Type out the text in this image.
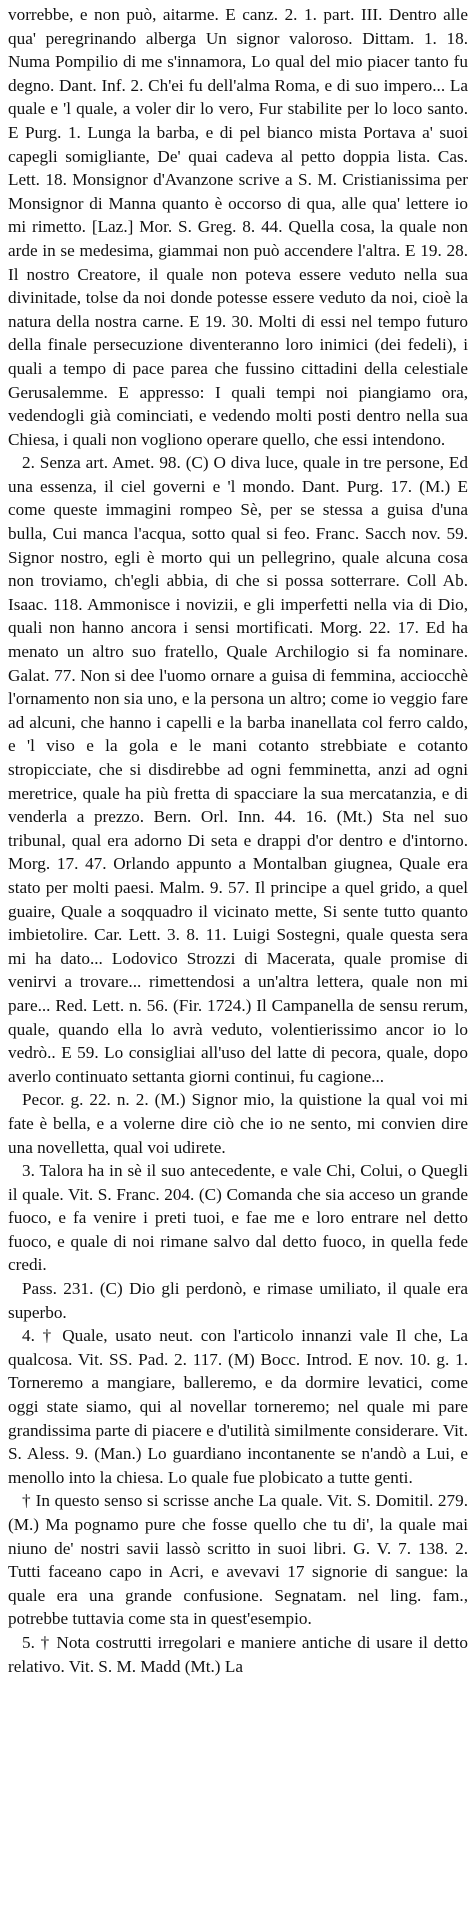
vorrebbe, e non può, aitarme. E canz. 2. 1. part. III. Dentro alle qua' peregrinando alberga Un signor valoroso. Dittam. 1. 18. Numa Pompilio di me s'innamora, Lo qual del mio piacer tanto fu degno. Dant. Inf. 2. Ch'ei fu dell'alma Roma, e di suo impero... La quale e 'l quale, a voler dir lo vero, Fur stabilite per lo loco santo. E Purg. 1. Lunga la barba, e di pel bianco mista Portava a' suoi capegli somigliante, De' quai cadeva al petto doppia lista. Cas. Lett. 18. Monsignor d'Avanzone scrive a S. M. Cristianissima per Monsignor di Manna quanto è occorso di qua, alle qua' lettere io mi rimetto. [Laz.] Mor. S. Greg. 8. 44. Quella cosa, la quale non arde in se medesima, giammai non può accendere l'altra. E 19. 28. Il nostro Creatore, il quale non poteva essere veduto nella sua divinitade, tolse da noi donde potesse essere veduto da noi, cioè la natura della nostra carne. E 19. 30. Molti di essi nel tempo futuro della finale persecuzione diventeranno loro inimici (dei fedeli), i quali a tempo di pace parea che fussino cittadini della celestiale Gerusalemme. E appresso: I quali tempi noi piangiamo ora, vedendogli già cominciati, e vedendo molti posti dentro nella sua Chiesa, i quali non vogliono operare quello, che essi intendono.

2. Senza art. Amet. 98. (C) O diva luce, quale in tre persone, Ed una essenza, il ciel governi e 'l mondo. Dant. Purg. 17. (M.) E come queste immagini rompeo Sè, per se stessa a guisa d'una bulla, Cui manca l'acqua, sotto qual si feo. Franc. Sacch nov. 59. Signor nostro, egli è morto qui un pellegrino, quale alcuna cosa non troviamo, ch'egli abbia, di che si possa sotterrare. Coll Ab. Isaac. 118. Ammonisce i novizii, e gli imperfetti nella via di Dio, quali non hanno ancora i sensi mortificati. Morg. 22. 17. Ed ha menato un altro suo fratello, Quale Archilogio si fa nominare. Galat. 77. Non si dee l'uomo ornare a guisa di femmina, acciocchè l'ornamento non sia uno, e la persona un altro; come io veggio fare ad alcuni, che hanno i capelli e la barba inanellata col ferro caldo, e 'l viso e la gola e le mani cotanto strebbiate e cotanto stropicciate, che si disdirebbe ad ogni femminetta, anzi ad ogni meretrice, quale ha più fretta di spacciare la sua mercatanzia, e di venderla a prezzo. Bern. Orl. Inn. 44. 16. (Mt.) Sta nel suo tribunal, qual era adorno Di seta e drappi d'or dentro e d'intorno. Morg. 17. 47. Orlando appunto a Montalban giugnea, Quale era stato per molti paesi. Malm. 9. 57. Il principe a quel grido, a quel guaire, Quale a soqquadro il vicinato mette, Si sente tutto quanto imbietolire. Car. Lett. 3. 8. 11. Luigi Sostegni, quale questa sera mi ha dato... Lodovico Strozzi di Macerata, quale promise di venirvi a trovare... rimettendosi a un'altra lettera, quale non mi pare... Red. Lett. n. 56. (Fir. 1724.) Il Campanella de sensu rerum, quale, quando ella lo avrà veduto, volentierissimo ancor io lo vedrò.. E 59. Lo consigliai all'uso del latte di pecora, quale, dopo averlo continuato settanta giorni continui, fu cagione...

Pecor. g. 22. n. 2. (M.) Signor mio, la quistione la qual voi mi fate è bella, e a volerne dire ciò che io ne sento, mi convien dire una novelletta, qual voi udirete.

3. Talora ha in sè il suo antecedente, e vale Chi, Colui, o Quegli il quale. Vit. S. Franc. 204. (C) Comanda che sia acceso un grande fuoco, e fa venire i preti tuoi, e fae me e loro entrare nel detto fuoco, e quale di noi rimane salvo dal detto fuoco, in quella fede credi.

Pass. 231. (C) Dio gli perdonò, e rimase umiliato, il quale era superbo.

4. † Quale, usato neut. con l'articolo innanzi vale Il che, La qualcosa. Vit. SS. Pad. 2. 117. (M) Bocc. Introd. E nov. 10. g. 1. Torneremo a mangiare, balleremo, e da dormire levatici, come oggi state siamo, qui al novellar torneremo; nel quale mi pare grandissima parte di piacere e d'utilità similmente considerare. Vit. S. Aless. 9. (Man.) Lo guardiano incontanente se n'andò a Lui, e menollo into la chiesa. Lo quale fue plobicato a tutte genti.

† In questo senso si scrisse anche La quale. Vit. S. Domitil. 279. (M.) Ma pognamo pure che fosse quello che tu di', la quale mai niuno de' nostri savii lassò scritto in suoi libri. G. V. 7. 138. 2. Tutti faceano capo in Acri, e avevavi 17 signorie di sangue: la quale era una grande confusione. Segnatam. nel ling. fam., potrebbe tuttavia come sta in quest'esempio.

5. † Nota costrutti irregolari e maniere antiche di usare il detto relativo. Vit. S. M. Madd (Mt.) La
